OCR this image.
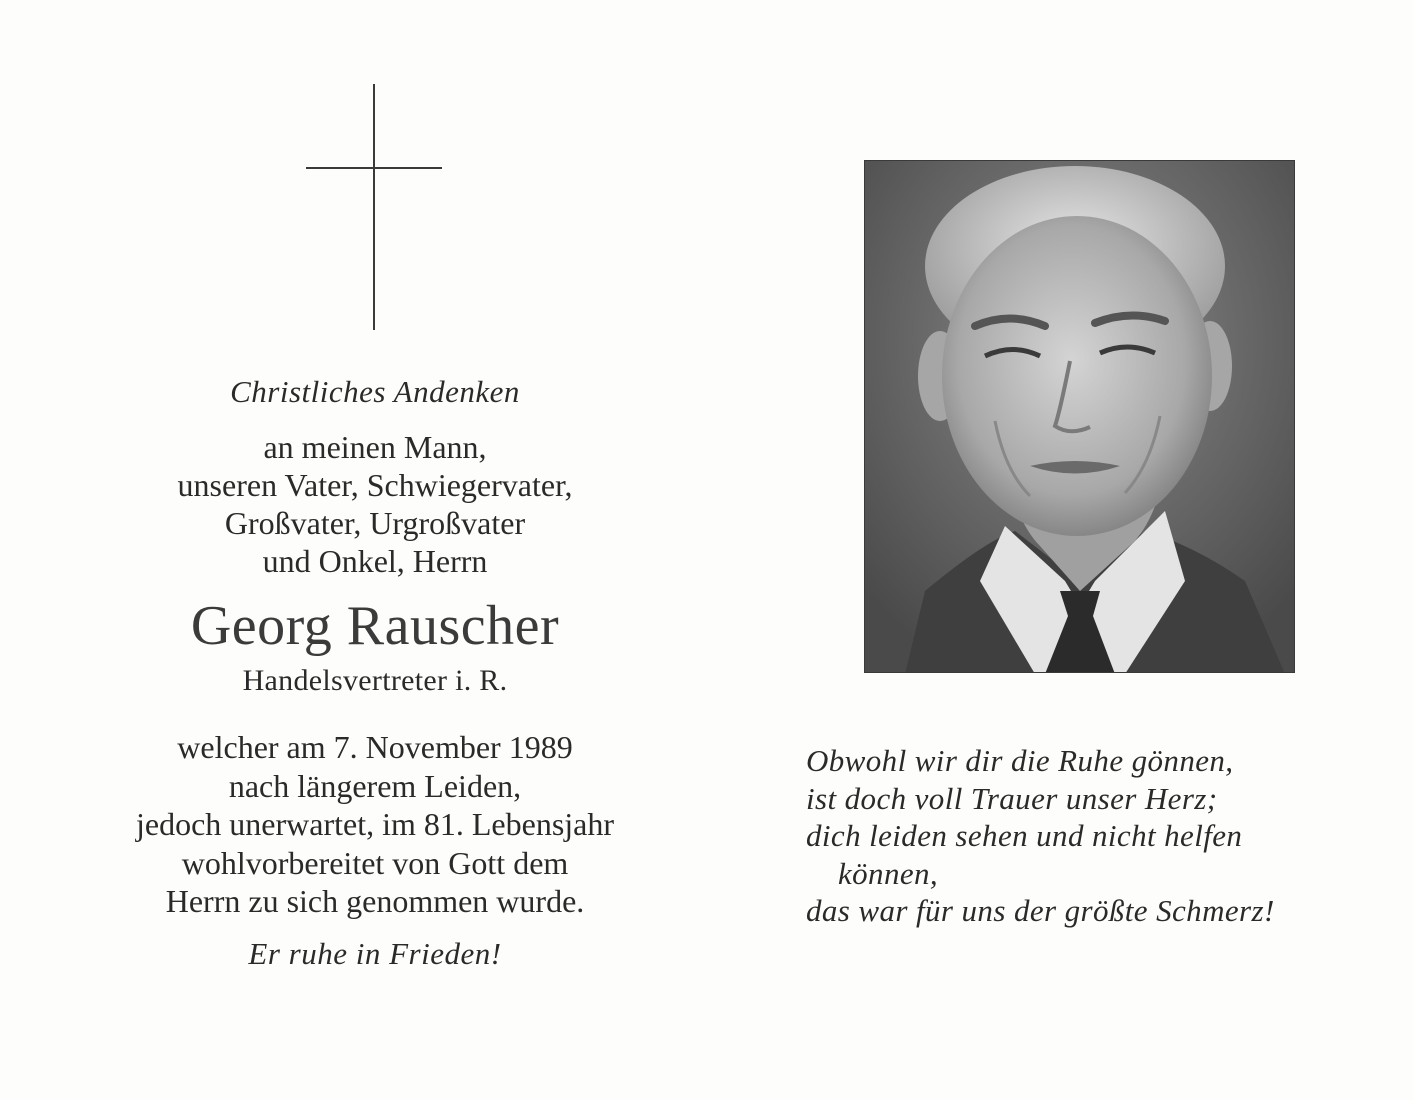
Christliches Andenken
an meinen Mann,
unseren Vater, Schwiegervater,
Großvater, Urgroßvater
und Onkel, Herrn
Georg Rauscher
Handelsvertreter i. R.
welcher am 7. November 1989
nach längerem Leiden,
jedoch unerwartet, im 81. Lebensjahr
wohlvorbereitet von Gott dem
Herrn zu sich genommen wurde.
Er ruhe in Frieden!
Obwohl wir dir die Ruhe gönnen,
ist doch voll Trauer unser Herz;
dich leiden sehen und nicht helfen
können,
das war für uns der größte Schmerz!
